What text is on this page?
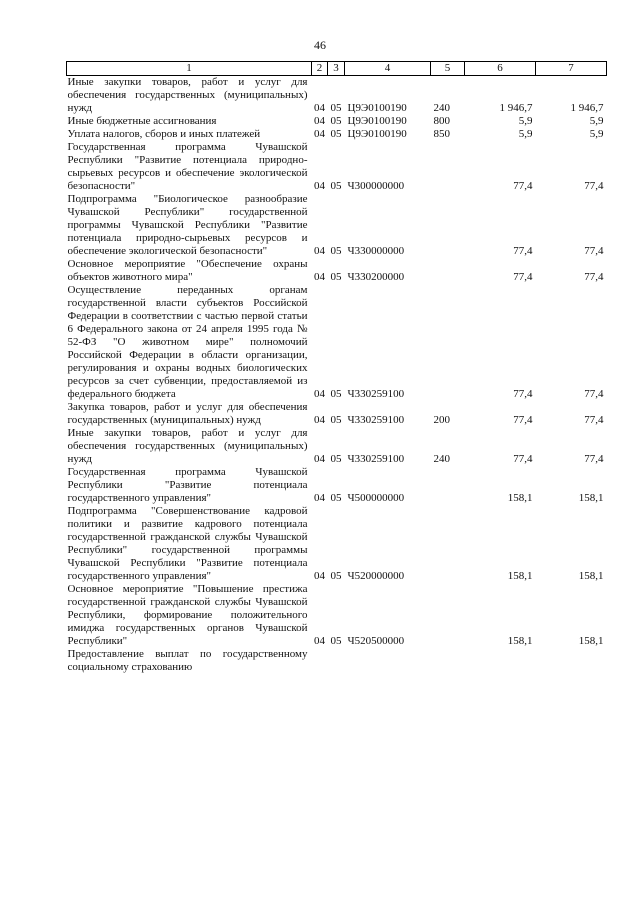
46
1	2	3	4	5	6	7
Иные закупки товаров, работ и услуг для обеспечения государственных (муниципальных) нужд	04	05	Ц9Э0100190	240	1 946,7	1 946,7
Иные бюджетные ассигнования	04	05	Ц9Э0100190	800	5,9	5,9
Уплата налогов, сборов и иных платежей	04	05	Ц9Э0100190	850	5,9	5,9
Государственная программа Чувашской Республики "Развитие потенциала природно-сырьевых ресурсов и обеспечение экологической безопасности"	04	05	Ч300000000		77,4	77,4
Подпрограмма "Биологическое разнообразие Чувашской Республики" государственной программы Чувашской Республики "Развитие потенциала природно-сырьевых ресурсов и обеспечение экологической безопасности"	04	05	Ч330000000		77,4	77,4
Основное мероприятие "Обеспечение охраны объектов животного мира"	04	05	Ч330200000		77,4	77,4
Осуществление переданных органам государственной власти субъектов Российской Федерации в соответствии с частью первой статьи 6 Федерального закона от 24 апреля 1995 года № 52-ФЗ "О животном мире" полномочий Российской Федерации в области организации, регулирования и охраны водных биологических ресурсов за счет субвенции, предоставляемой из федерального бюджета	04	05	Ч330259100		77,4	77,4
Закупка товаров, работ и услуг для обеспечения государственных (муниципальных) нужд	04	05	Ч330259100	200	77,4	77,4
Иные закупки товаров, работ и услуг для обеспечения государственных (муниципальных) нужд	04	05	Ч330259100	240	77,4	77,4
Государственная программа Чувашской Республики "Развитие потенциала государственного управления"	04	05	Ч500000000		158,1	158,1
Подпрограмма "Совершенствование кадровой политики и развитие кадрового потенциала государственной гражданской службы Чувашской Республики" государственной программы Чувашской Республики "Развитие потенциала государственного управления"	04	05	Ч520000000		158,1	158,1
Основное мероприятие "Повышение престижа государственной гражданской службы Чувашской Республики, формирование положительного имиджа государственных органов Чувашской Республики"	04	05	Ч520500000		158,1	158,1
Предоставление выплат по государственному социальному страхованию						
